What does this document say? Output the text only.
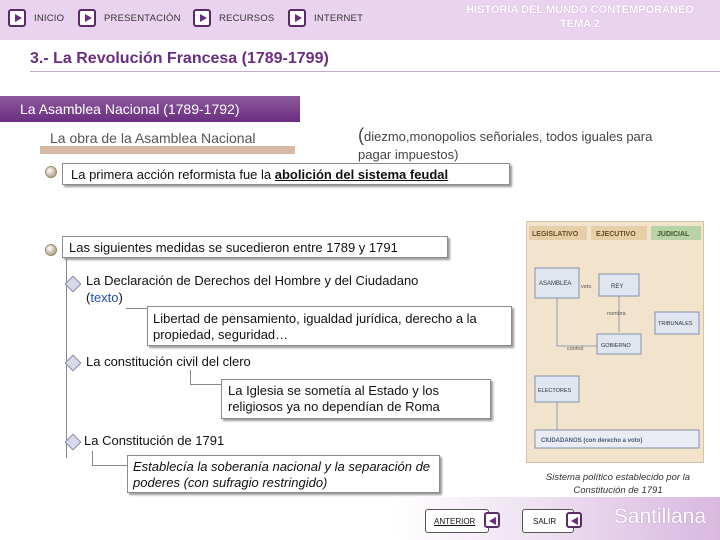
INICIO	PRESENTACIÓN	RECURSOS	INTERNET
HISTORIA DEL MUNDO CONTEMPORÁNEO
TEMA 2
3.- La Revolución Francesa (1789-1799)
La Asamblea Nacional (1789-1792)
La obra de la Asamblea Nacional	(diezmo,monopolios señoriales, todos iguales para pagar impuestos)
La primera acción reformista fue la abolición del sistema feudal
Las siguientes medidas se sucedieron entre 1789 y 1791
La Declaración de Derechos del Hombre y del Ciudadano
(texto)
Libertad de pensamiento, igualdad jurídica, derecho a la propiedad, seguridad…
La constitución civil del clero
La Iglesia se sometía al Estado y los religiosos ya no dependían de Roma
La Constitución de 1791
Establecía la soberanía nacional y la separación de poderes (con sufragio restringido)
LEGISLATIVO	EJECUTIVO	JUDICIAL
ASAMBLEA veto	REY
nombra
TRIBUNALES
GOBIERNO
control
ELECTORES
CIUDADANOS (con derecho a voto)
Sistema político establecido por la Constitución de 1791
ANTERIOR	SALIR	Santillana
